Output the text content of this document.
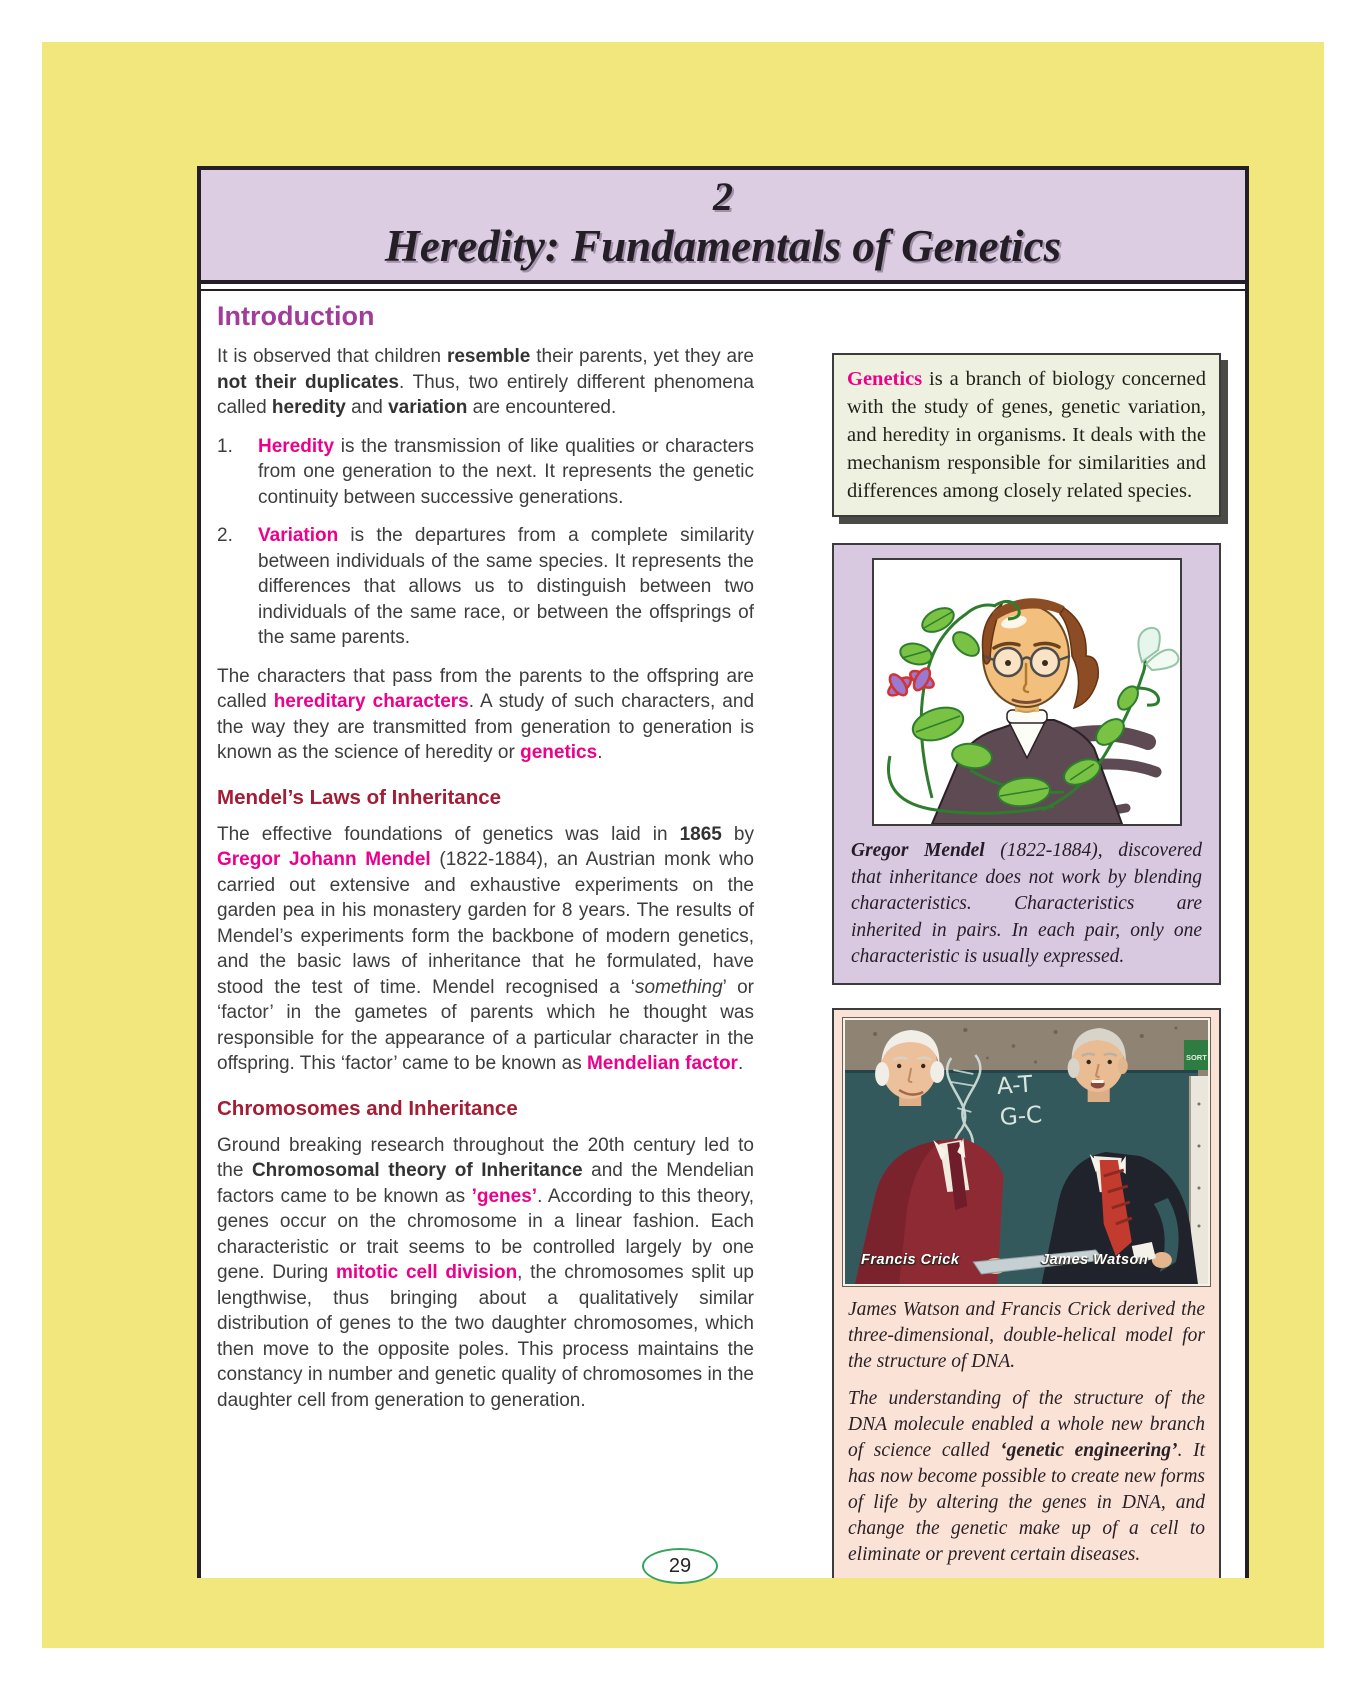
2
Heredity: Fundamentals of Genetics
Introduction

It is observed that children resemble their parents, yet they are not their duplicates. Thus, two entirely different phenomena called heredity and variation are encountered.

1.	Heredity is the transmission of like qualities or characters from one generation to the next. It represents the genetic continuity between successive generations.
2.	Variation is the departures from a complete similarity between individuals of the same species. It represents the differences that allows us to distinguish between two individuals of the same race, or between the offsprings of the same parents.

The characters that pass from the parents to the offspring are called hereditary characters. A study of such characters, and the way they are transmitted from generation to generation is known as the science of heredity or genetics.

Mendel’s Laws of Inheritance

The effective foundations of genetics was laid in 1865 by Gregor Johann Mendel (1822-1884), an Austrian monk who carried out extensive and exhaustive experiments on the garden pea in his monastery garden for 8 years. The results of Mendel’s experiments form the backbone of modern genetics, and the basic laws of inheritance that he formulated, have stood the test of time. Mendel recognised a ‘something’ or ‘factor’ in the gametes of parents which he thought was responsible for the appearance of a particular character in the offspring. This ‘factor’ came to be known as Mendelian factor.

Chromosomes and Inheritance

Ground breaking research throughout the 20th century led to the Chromosomal theory of Inheritance and the Mendelian factors came to be known as ’genes’. According to this theory, genes occur on the chromosome in a linear fashion. Each characteristic or trait seems to be controlled largely by one gene. During mitotic cell division, the chromosomes split up lengthwise, thus bringing about a qualitatively similar distribution of genes to the two daughter chromosomes, which then move to the opposite poles. This process maintains the constancy in number and genetic quality of chromosomes in the daughter cell from generation to generation.

Genetics is a branch of biology concerned with the study of genes, genetic variation, and heredity in organisms. It deals with the mechanism responsible for similarities and differences among closely related species.
Gregor Mendel (1822-1884), discovered that inheritance does not work by blending characteristics. Characteristics are inherited in pairs. In each pair, only one characteristic is usually expressed.
SORT
A-T
G-C
Francis Crick	James Watson

James Watson and Francis Crick derived the three-dimensional, double-helical model for the structure of DNA.

The understanding of the structure of the DNA molecule enabled a whole new branch of science called ‘genetic engineering’. It has now become possible to create new forms of life by altering the genes in DNA, and change the genetic make up of a cell to eliminate or prevent certain diseases.

29
